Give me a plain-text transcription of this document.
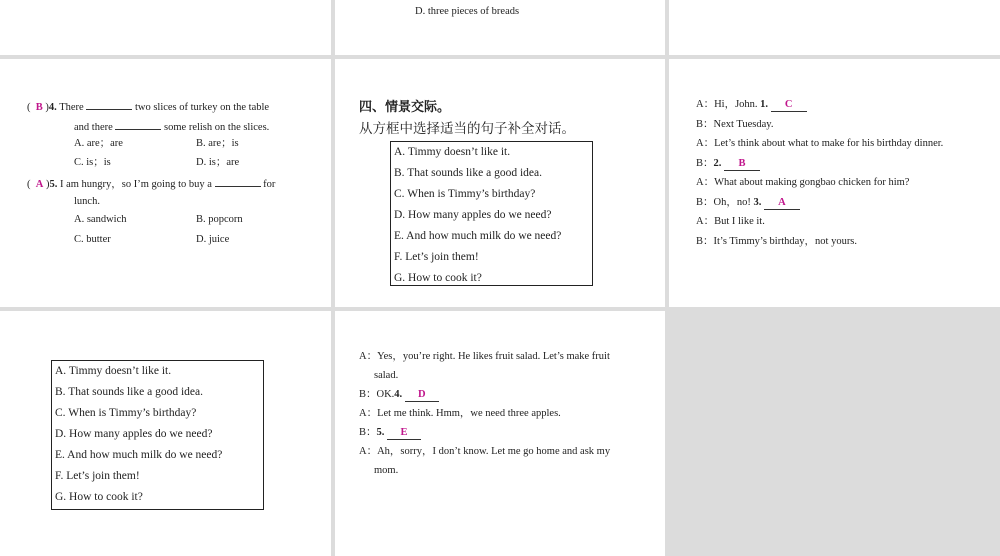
D. three pieces of breads
( B )4. There	two slices of turkey on the table
and there	some relish on the slices.
A. are；are	B. are；is
C. is；is	D. is；are
( A )5. I am hungry，so I’m going to buy a	for
lunch.
A. sandwich	B. popcorn
C. butter	D. juice
四、情景交际。
从方框中选择适当的句子补全对话。
A. Timmy doesn’t like it.
B. That sounds like a good idea.
C. When is Timmy’s birthday?
D. How many apples do we need?
E. And how much milk do we need?
F. Let’s join them!
G. How to cook it?
A：Hi，John. 1. C
B：Next Tuesday.
A：Let’s think about what to make for his birthday dinner.
B：2. B
A：What about making gongbao chicken for him?
B：Oh，no! 3. A
A：But I like it.
B：It’s Timmy’s birthday，not yours.
A. Timmy doesn’t like it.
B. That sounds like a good idea.
C. When is Timmy’s birthday?
D. How many apples do we need?
E. And how much milk do we need?
F. Let’s join them!
G. How to cook it?
A：Yes，you’re right. He likes fruit salad. Let’s make fruit
salad.
B：OK.4. D
A：Let me think. Hmm，we need three apples.
B：5. E
A：Ah，sorry，I don’t know. Let me go home and ask my
mom.
